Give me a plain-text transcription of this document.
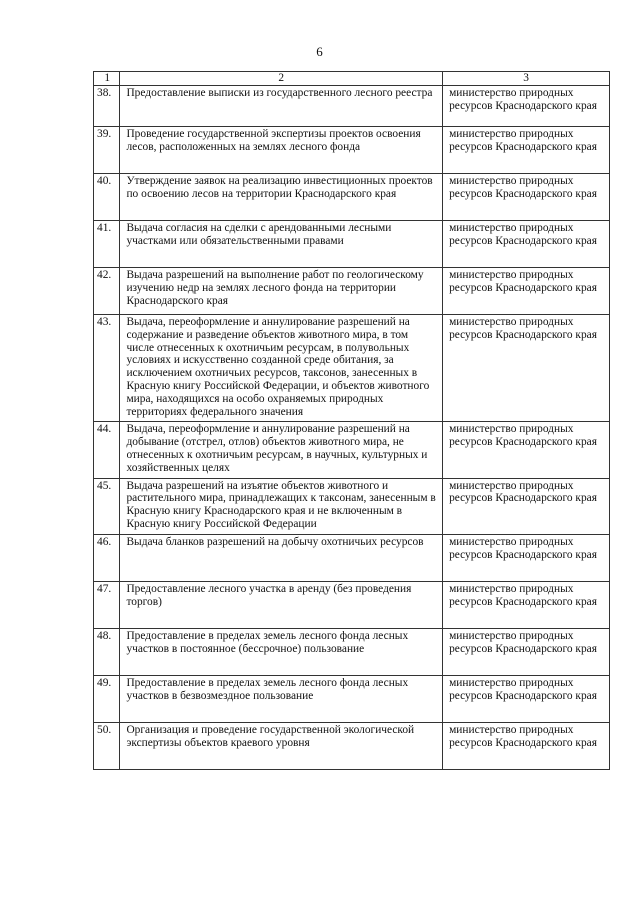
6
1	2	3
38.	Предоставление выписки из государственного лесного реестра	министерство природных ресурсов Краснодарского края
39.	Проведение государственной экспертизы проектов освоения лесов, расположенных на землях лесного фонда	министерство природных ресурсов Краснодарского края
40.	Утверждение заявок на реализацию инвестиционных проектов по освоению лесов на территории Краснодарского края	министерство природных ресурсов Краснодарского края
41.	Выдача согласия на сделки с арендованными лесными участками или обязательственными правами	министерство природных ресурсов Краснодарского края
42.	Выдача разрешений на выполнение работ по геологическому изучению недр на землях лесного фонда на территории Краснодарского края	министерство природных ресурсов Краснодарского края
43.	Выдача, переоформление и аннулирование разрешений на содержание и разведение объектов животного мира, в том числе отнесенных к охотничьим ресурсам, в полувольных условиях и искусственно созданной среде обитания, за исключением охотничьих ресурсов, таксонов, занесенных в Красную книгу Российской Федерации, и объектов животного мира, находящихся на особо охраняемых природных территориях федерального значения	министерство природных ресурсов Краснодарского края
44.	Выдача, переоформление и аннулирование разрешений на добывание (отстрел, отлов) объектов животного мира, не отнесенных к охотничьим ресурсам, в научных, культурных и хозяйственных целях	министерство природных ресурсов Краснодарского края
45.	Выдача разрешений на изъятие объектов животного и растительного мира, принадлежащих к таксонам, занесенным в Красную книгу Краснодарского края и не включенным в Красную книгу Российской Федерации	министерство природных ресурсов Краснодарского края
46.	Выдача бланков разрешений на добычу охотничьих ресурсов	министерство природных ресурсов Краснодарского края
47.	Предоставление лесного участка в аренду (без проведения торгов)	министерство природных ресурсов Краснодарского края
48.	Предоставление в пределах земель лесного фонда лесных участков в постоянное (бессрочное) пользование	министерство природных ресурсов Краснодарского края
49.	Предоставление в пределах земель лесного фонда лесных участков в безвозмездное пользование	министерство природных ресурсов Краснодарского края
50.	Организация и проведение государственной экологической экспертизы объектов краевого уровня	министерство природных ресурсов Краснодарского края
